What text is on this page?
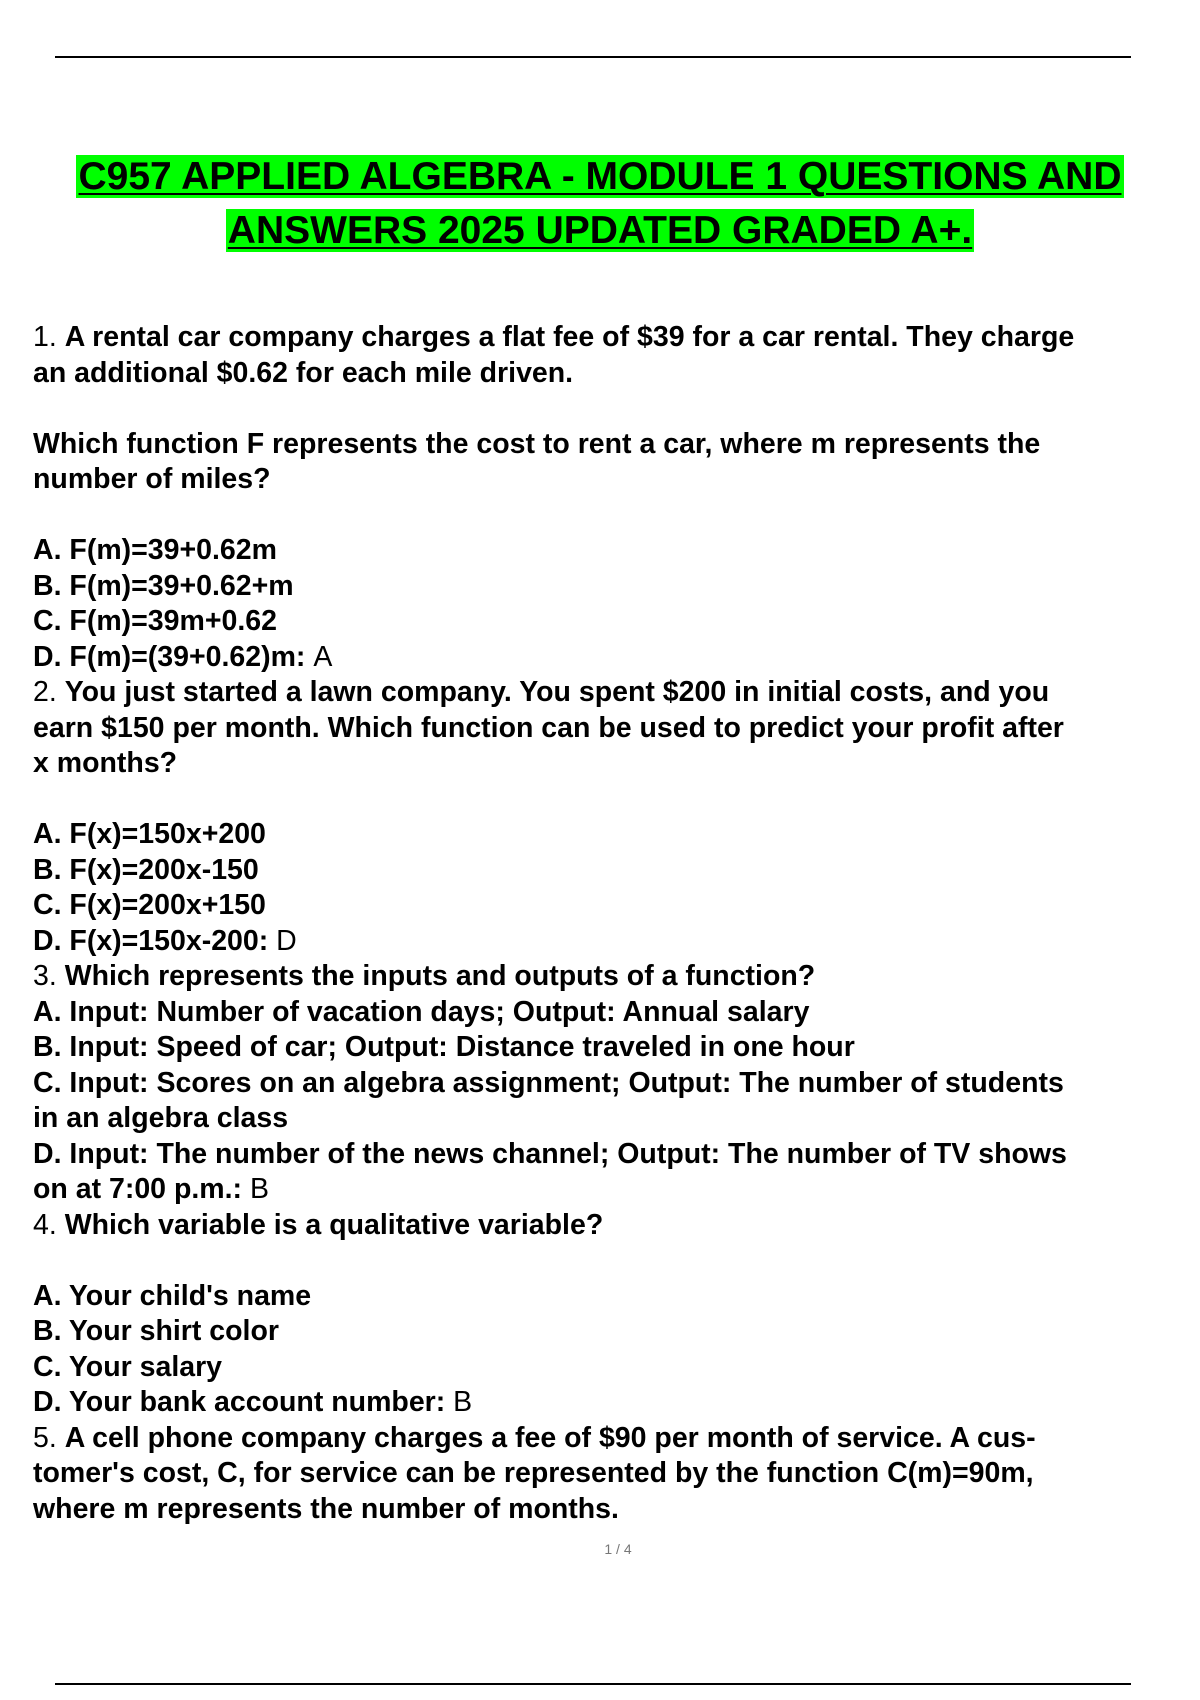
C957 APPLIED ALGEBRA - MODULE 1 QUESTIONS AND
ANSWERS 2025 UPDATED GRADED A+.
1. A rental car company charges a flat fee of $39 for a car rental. They charge
an additional $0.62 for each mile driven.
Which function F represents the cost to rent a car, where m represents the
number of miles?
A. F(m)=39+0.62m
B. F(m)=39+0.62+m
C. F(m)=39m+0.62
D. F(m)=(39+0.62)m: A
2. You just started a lawn company. You spent $200 in initial costs, and you
earn $150 per month. Which function can be used to predict your profit after
x months?
A. F(x)=150x+200
B. F(x)=200x-150
C. F(x)=200x+150
D. F(x)=150x-200: D
3. Which represents the inputs and outputs of a function?
A. Input: Number of vacation days; Output: Annual salary
B. Input: Speed of car; Output: Distance traveled in one hour
C. Input: Scores on an algebra assignment; Output: The number of students
in an algebra class
D. Input: The number of the news channel; Output: The number of TV shows
on at 7:00 p.m.: B
4. Which variable is a qualitative variable?
A. Your child's name
B. Your shirt color
C. Your salary
D. Your bank account number: B
5. A cell phone company charges a fee of $90 per month of service. A cus-
tomer's cost, C, for service can be represented by the function C(m)=90m,
where m represents the number of months.
1 / 4
